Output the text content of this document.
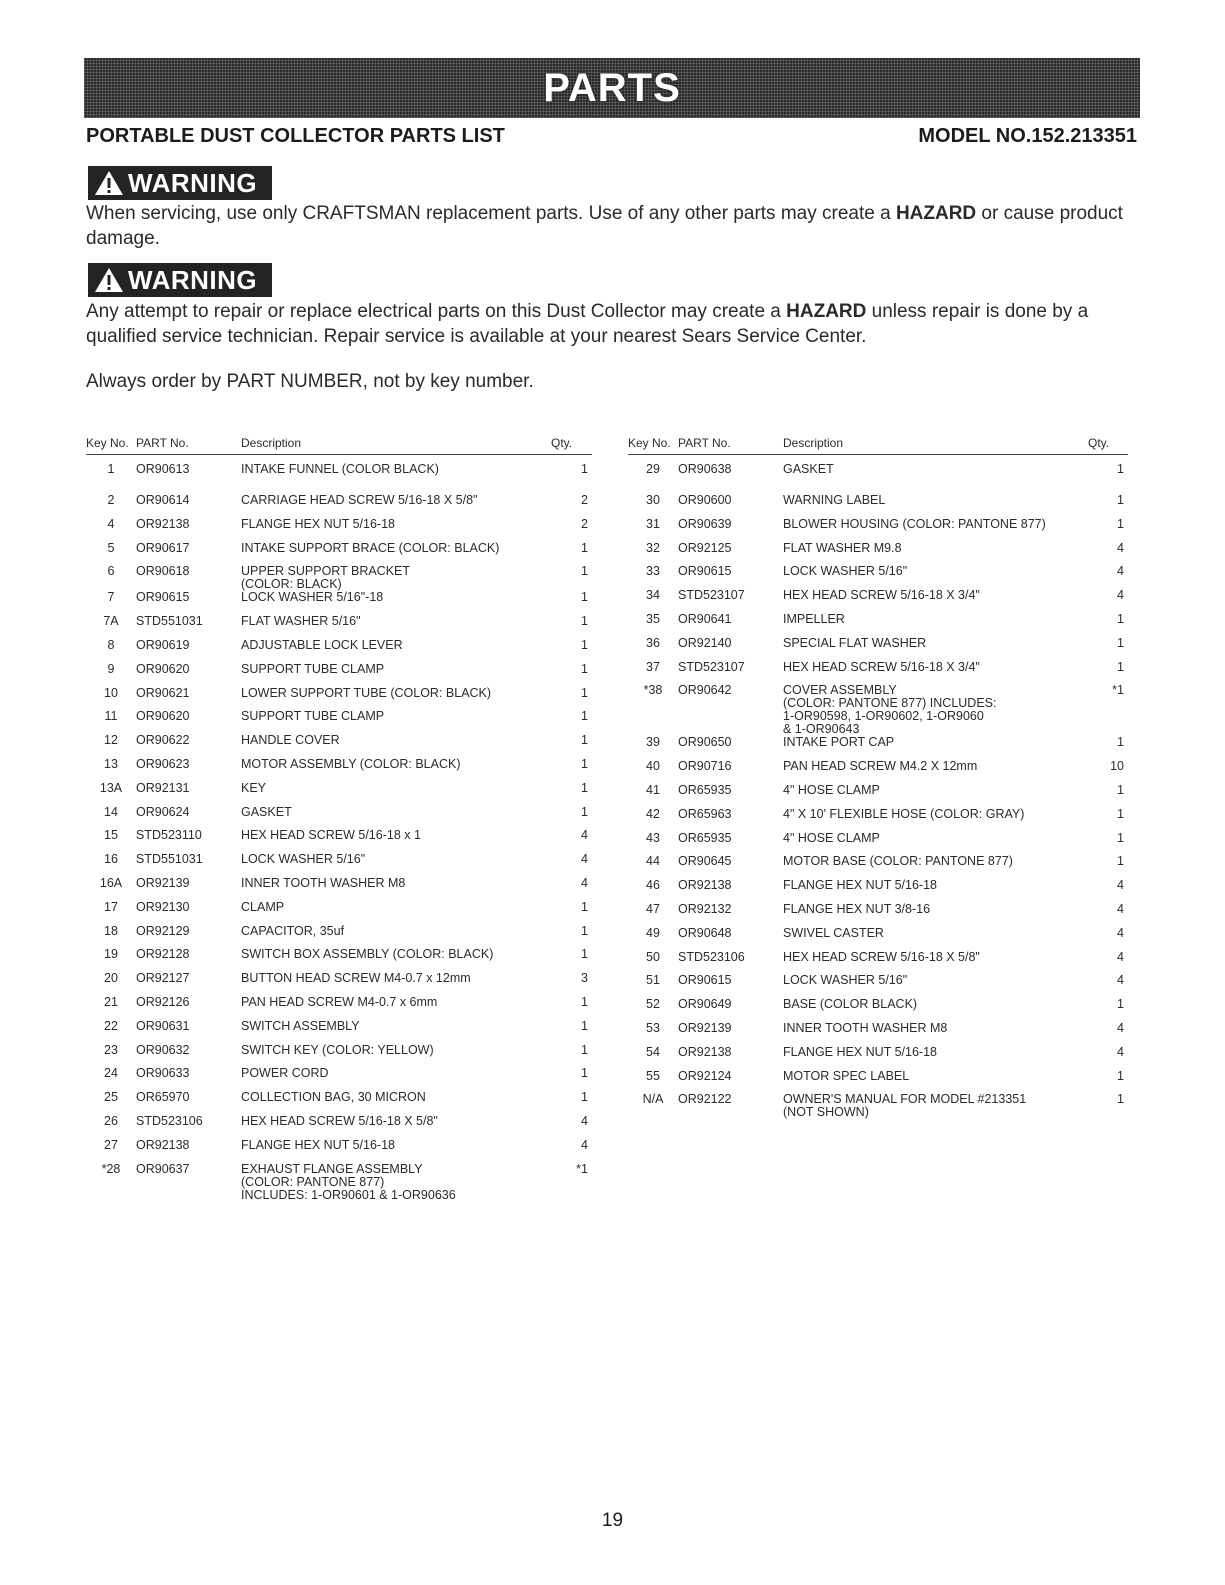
PARTS
PORTABLE DUST COLLECTOR PARTS LIST	MODEL NO.152.213351
WARNING
When servicing, use only CRAFTSMAN replacement parts. Use of any other parts may create a HAZARD or cause product damage.
WARNING
Any attempt to repair or replace electrical parts on this Dust Collector may create a HAZARD unless repair is done by a qualified service technician. Repair service is available at your nearest Sears Service Center.
Always order by PART NUMBER, not by key number.
Key No.	PART No.	Description	Qty.
1	OR90613	INTAKE FUNNEL (COLOR BLACK)	1
2	OR90614	CARRIAGE HEAD SCREW 5/16-18 X 5/8"	2
4	OR92138	FLANGE HEX NUT 5/16-18	2
5	OR90617	INTAKE SUPPORT BRACE (COLOR: BLACK)	1
6	OR90618	UPPER SUPPORT BRACKET
(COLOR: BLACK)	1
7	OR90615	LOCK WASHER 5/16"-18	1
7A	STD551031	FLAT WASHER 5/16"	1
8	OR90619	ADJUSTABLE LOCK LEVER	1
9	OR90620	SUPPORT TUBE CLAMP	1
10	OR90621	LOWER SUPPORT TUBE (COLOR: BLACK)	1
11	OR90620	SUPPORT TUBE CLAMP	1
12	OR90622	HANDLE COVER	1
13	OR90623	MOTOR ASSEMBLY (COLOR: BLACK)	1
13A	OR92131	KEY	1
14	OR90624	GASKET	1
15	STD523110	HEX HEAD SCREW 5/16-18 x 1	4
16	STD551031	LOCK WASHER 5/16"	4
16A	OR92139	INNER TOOTH WASHER M8	4
17	OR92130	CLAMP	1
18	OR92129	CAPACITOR, 35uf	1
19	OR92128	SWITCH BOX ASSEMBLY (COLOR: BLACK)	1
20	OR92127	BUTTON HEAD SCREW M4-0.7 x 12mm	3
21	OR92126	PAN HEAD SCREW M4-0.7 x 6mm	1
22	OR90631	SWITCH ASSEMBLY	1
23	OR90632	SWITCH KEY (COLOR: YELLOW)	1
24	OR90633	POWER CORD	1
25	OR65970	COLLECTION BAG, 30 MICRON	1
26	STD523106	HEX HEAD SCREW 5/16-18 X 5/8"	4
27	OR92138	FLANGE HEX NUT 5/16-18	4
*28	OR90637	EXHAUST FLANGE ASSEMBLY
(COLOR: PANTONE 877)
INCLUDES: 1-OR90601 & 1-OR90636	*1
Key No.	PART No.	Description	Qty.
29	OR90638	GASKET	1
30	OR90600	WARNING LABEL	1
31	OR90639	BLOWER HOUSING (COLOR: PANTONE 877)	1
32	OR92125	FLAT WASHER M9.8	4
33	OR90615	LOCK WASHER 5/16"	4
34	STD523107	HEX HEAD SCREW 5/16-18 X 3/4"	4
35	OR90641	IMPELLER	1
36	OR92140	SPECIAL FLAT WASHER	1
37	STD523107	HEX HEAD SCREW 5/16-18 X 3/4"	1
*38	OR90642	COVER ASSEMBLY
(COLOR: PANTONE 877) INCLUDES:
1-OR90598, 1-OR90602, 1-OR9060
& 1-OR90643	*1
39	OR90650	INTAKE PORT CAP	1
40	OR90716	PAN HEAD SCREW M4.2 X 12mm	10
41	OR65935	4" HOSE CLAMP	1
42	OR65963	4" X 10' FLEXIBLE HOSE (COLOR: GRAY)	1
43	OR65935	4" HOSE CLAMP	1
44	OR90645	MOTOR BASE (COLOR: PANTONE 877)	1
46	OR92138	FLANGE HEX NUT 5/16-18	4
47	OR92132	FLANGE HEX NUT 3/8-16	4
49	OR90648	SWIVEL CASTER	4
50	STD523106	HEX HEAD SCREW 5/16-18 X 5/8"	4
51	OR90615	LOCK WASHER 5/16"	4
52	OR90649	BASE (COLOR BLACK)	1
53	OR92139	INNER TOOTH WASHER M8	4
54	OR92138	FLANGE HEX NUT 5/16-18	4
55	OR92124	MOTOR SPEC LABEL	1
N/A	OR92122	OWNER'S MANUAL FOR MODEL #213351
(NOT SHOWN)	1
19
